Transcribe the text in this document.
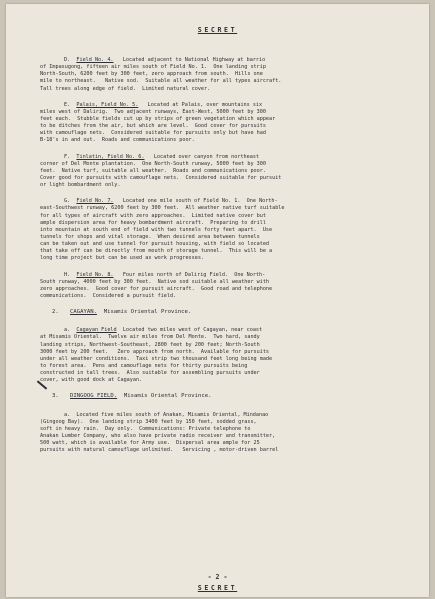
SECRET
D.  Field No. 4. Located adjacent to National Highway at barrio
of Impasugong, fifteen air miles south of Field No. 1.  One landing strip
North-South, 6200 feet by 300 feet, zero approach from south.  Hills one
mile to northeast.   Native sod.  Suitable all weather for all types aircraft.
Tall trees along edge of field.  Limited natural cover.
E.  Palais, Field No. 5. Located at Palais, over mountains six
miles west of Dalirig.  Two adjacent runways, East-West, 5000 feet by 300
feet each.  Stubble fields cut up by strips of green vegetation which appear
to be ditches from the air, but which are level.  Good cover for pursuits
with camouflage nets.  Considered suitable for pursuits only but have had
B-18's in and out.  Roads and communications poor.
F.  Tinlatin, Field No. 6. Located over canyon from northeast
corner of Del Monte plantation.  One North-South runway, 5000 feet by 300
feet.  Native turf, suitable all weather.  Roads and communications poor.
Cover good for pursuits with camouflage nets.  Considered suitable for pursuit
or light bombardment only.
G.  Field No. 7. Located one mile south of Field No. 1.  One North-
east-Southwest runway, 6200 feet by 300 feet.  All weather native turf suitable
for all types of aircraft with zero approaches.  Limited native cover but
ample dispersion area for heavy bombardment aircraft.  Preparing to drill
into mountain at south end of field with two tunnels forty feet apart.  Use
tunnels for shops and vital storage.  When desired area between tunnels
can be taken out and use tunnel for pursuit housing, with field so located
that take off can be directly from mouth of storage tunnel.  This will be a
long time project but can be used as work progresses.
H.  Field No. 8. Four miles north of Dalirig Field.  One North-
South runway, 4000 feet by 300 feet.  Native sod suitable all weather with
zero approaches.  Good cover for pursuit aircraft.  Good road and telephone
communications.  Considered a pursuit field.
2. CAGAYAN. Misamis Oriental Province.
a.  Cagayan Field Located two miles west of Cagayan, near coast
at Misamis Oriental.  Twelve air miles from Del Monte.  Two hard, sandy
landing strips, Northwest-Southeast, 2800 feet by 200 feet; North-South
3000 feet by 200 feet.   Zero approach from north.  Available for pursuits
under all weather conditions.  Taxi strip two thousand feet long being made
to forest area.  Pens and camouflage nets for thirty pursuits being
constructed in tall trees.  Also suitable for assembling pursuits under
cover, with good dock at Cagayan.
3. DINGOOG FIELD. Misamis Oriental Province.
a.  Located five miles south of Anakan, Misamis Oriental, Mindanao
(Gingoog Bay).  One landing strip 3400 feet by 150 feet, sodded grass,
soft in heavy rain.  Day only.  Communications: Private telephone to
Anakan Lumber Company, who also have private radio receiver and transmitter,
500 watt, which is available for Army use.  Dispersal area ample for 25
pursuits with natural camouflage unlimited.   Servicing , motor-driven barrel
- 2 -
SECRET
